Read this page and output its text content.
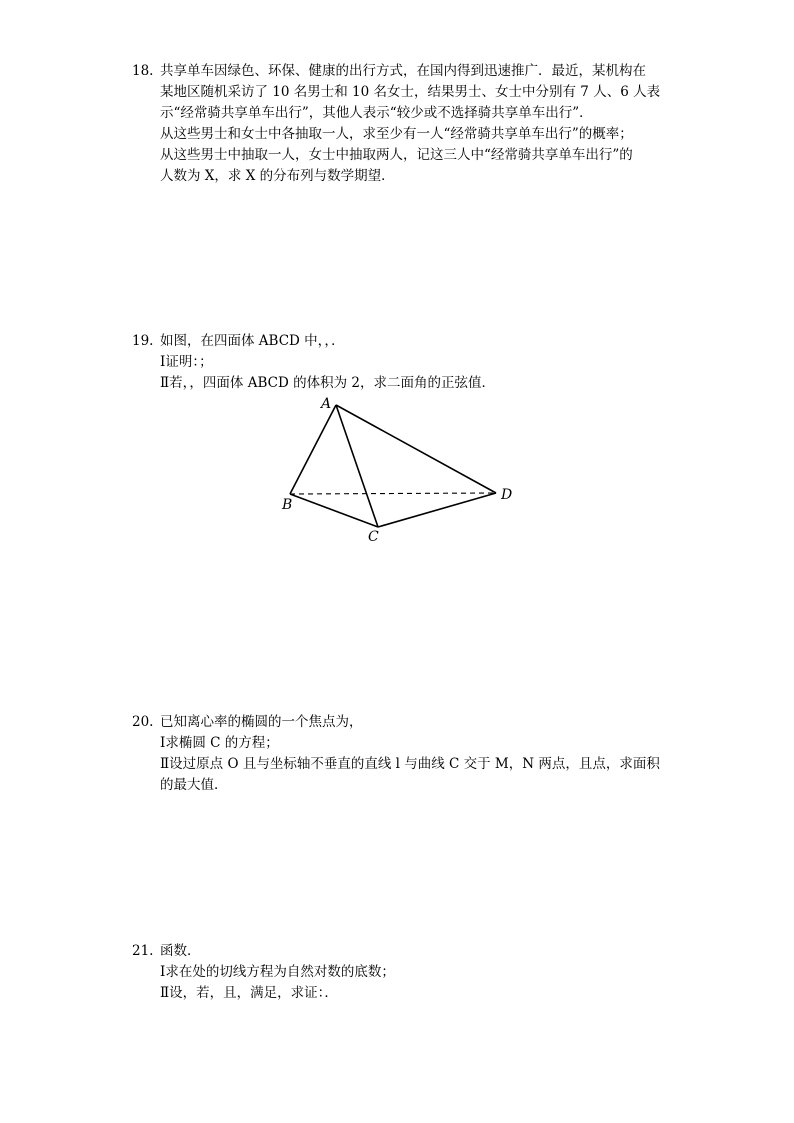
18. 共享单车因绿色、环保、健康的出行方式，在国内得到迅速推广．最近，某机构在
某地区随机采访了 10 名男士和 10 名女士，结果男士、女士中分别有 7 人、6 人表
示“经常骑共享单车出行”，其他人表示“较少或不选择骑共享单车出行”．
从这些男士和女士中各抽取一人，求至少有一人“经常骑共享单车出行”的概率；
从这些男士中抽取一人，女士中抽取两人，记这三人中“经常骑共享单车出行”的
人数为 X，求 X 的分布列与数学期望．
19. 如图，在四面体 ABCD 中，，．
Ⅰ证明：；
Ⅱ若，，四面体 ABCD 的体积为 2，求二面角的正弦值．
A
B
C
D
20. 已知离心率的椭圆的一个焦点为，
Ⅰ求椭圆 C 的方程；
Ⅱ设过原点 O 且与坐标轴不垂直的直线 l 与曲线 C 交于 M，N 两点，且点，求面积
的最大值．
21. 函数．
Ⅰ求在处的切线方程为自然对数的底数；
Ⅱ设，若，且，满足，求证：．
